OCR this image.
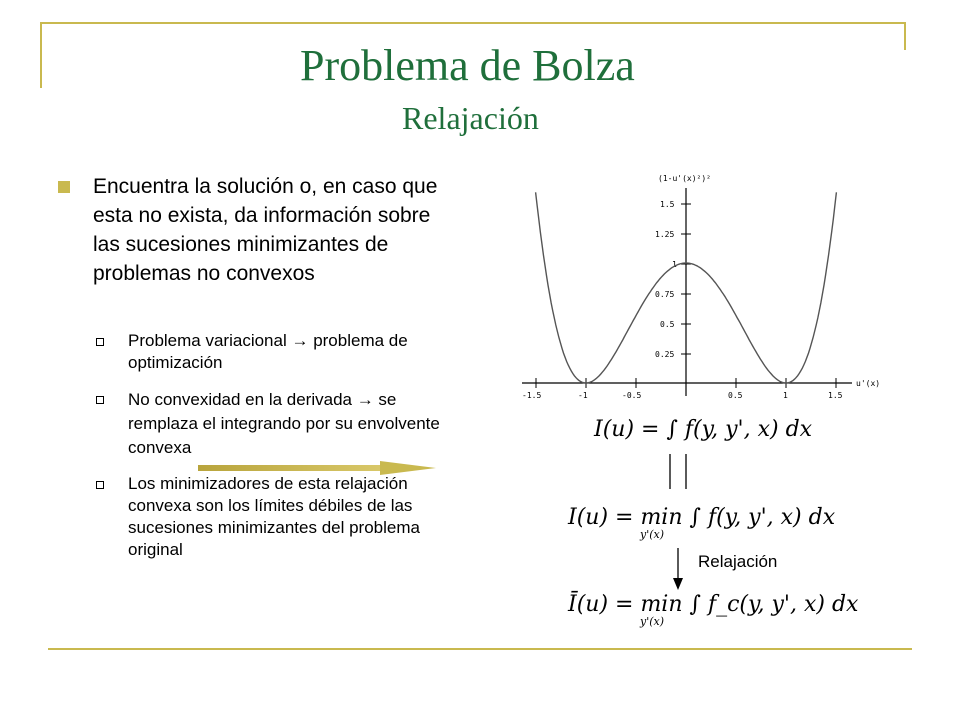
Problema de Bolza
Relajación
Encuentra la solución o, en caso que esta no exista, da información sobre las sucesiones minimizantes de problemas no convexos
Problema variacional → problema de optimización
No convexidad en la derivada → se remplaza el integrando por su envolvente convexa
Los minimizadores de esta relajación convexa son los límites débiles de las sucesiones minimizantes del problema original
1.5
1.25
1
0.75
0.5
0.25
-1.5	-1	-0.5	0.5	1	1.5
(1-u'(x)²)²
u'(x)
I(u) = ∫ f(y, y', x) dx
I(u) = min ∫ f(y, y', x) dx
y'(x)
Ī(u) = min ∫ f_c(y, y', x) dx
y'(x)
Relajación
